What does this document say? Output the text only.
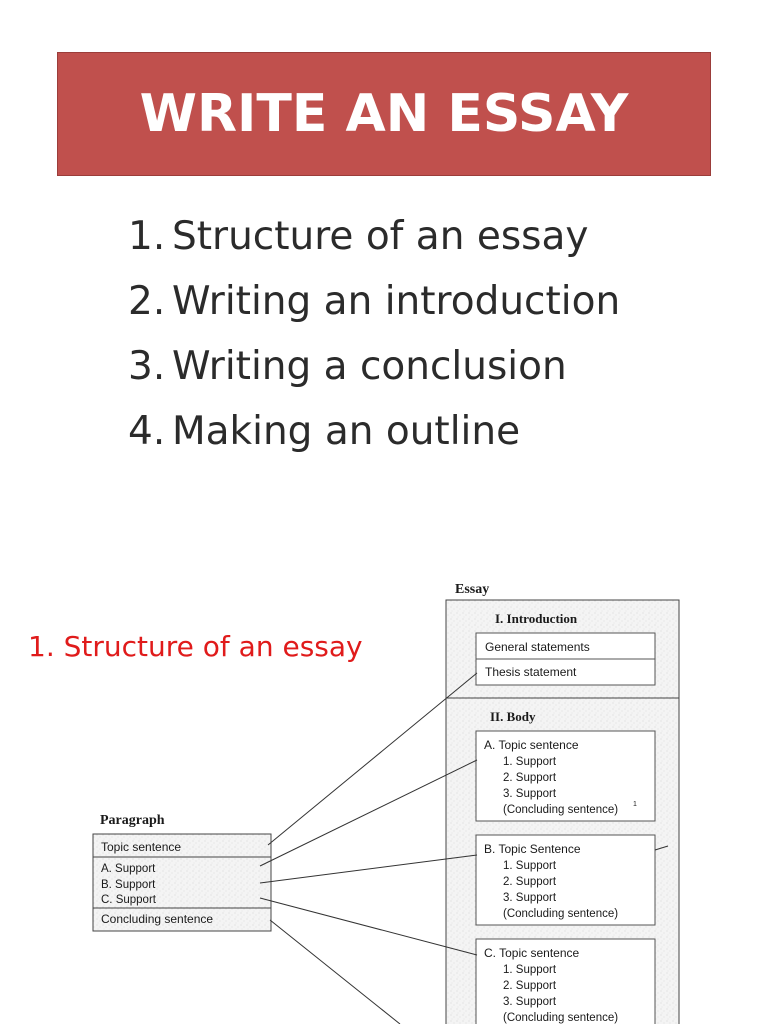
WRITE AN ESSAY
1. Structure of an essay
2. Writing an introduction
3. Writing a conclusion
4. Making an outline
1. Structure of an essay
Essay
I. Introduction
General statements
Thesis statement
II. Body
A. Topic sentence
1. Support
2. Support
3. Support
(Concluding sentence) 1
B. Topic Sentence
1. Support
2. Support
3. Support
(Concluding sentence)
C. Topic sentence
1. Support
2. Support
3. Support
(Concluding sentence)
Paragraph
Topic sentence
A. Support
B. Support
C. Support
Concluding sentence
